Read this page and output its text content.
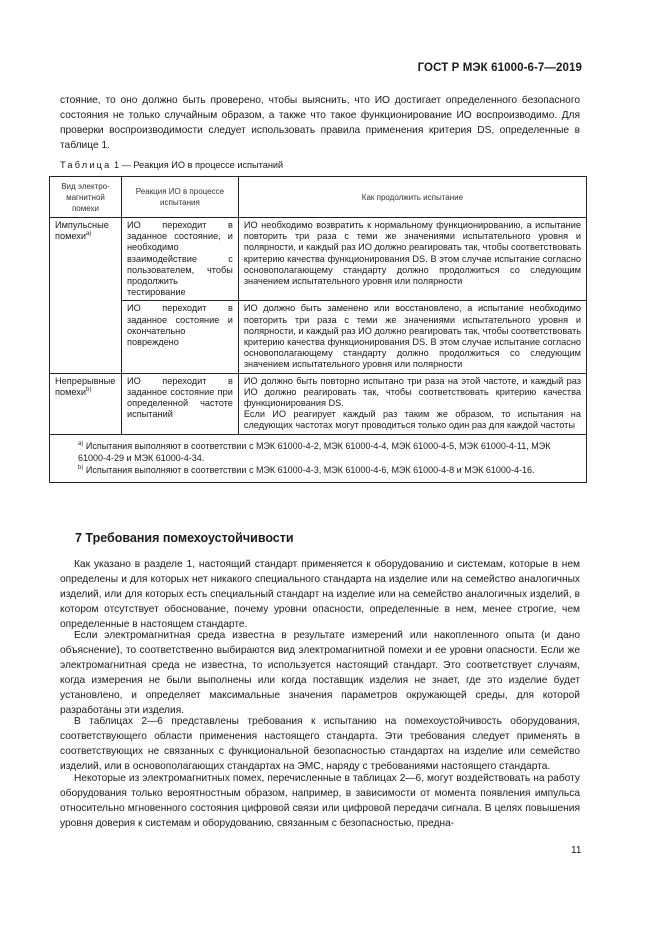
ГОСТ Р МЭК 61000-6-7—2019

стояние, то оно должно быть проверено, чтобы выяснить, что ИО достигает определенного безопасного состояния не только случайным образом, а также что такое функционирование ИО воспроизводимо. Для проверки воспроизводимости следует использовать правила применения критерия DS, определенные в таблице 1.

Таблица 1 — Реакция ИО в процессе испытаний
Вид электро-магнитной помехи	Реакция ИО в процессе испытания	Как продолжить испытание
Импульсные помехи$^{a)}$	ИО переходит в заданное состояние, и необходимо взаимодействие с пользователем, чтобы продолжить тестирование	ИО необходимо возвратить к нормальному функционированию, а испытание повторить три раза с теми же значениями испытательного уровня и полярности, и каждый раз ИО должно реагировать так, чтобы соответствовать критерию качества функционирования DS. В этом случае испытание согласно основополагающему стандарту должно продолжиться со следующим значением испытательного уровня или полярности
	ИО переходит в заданное состояние и окончательно повреждено	ИО должно быть заменено или восстановлено, а испытание необходимо повторить три раза с теми же значениями испытательного уровня и полярности, и каждый раз ИО должно реагировать так, чтобы соответствовать критерию качества функционирования DS. В этом случае испытание согласно основополагающему стандарту должно продолжиться со следующим значением испытательного уровня или полярности
Непрерывные помехи$^{b)}$	ИО переходит в заданное состояние при определенной частоте испытаний	ИО должно быть повторно испытано три раза на этой частоте, и каждый раз ИО должно реагировать так, чтобы соответствовать критерию качества функционирования DS.
Если ИО реагирует каждый раз таким же образом, то испытания на следующих частотах могут проводиться только один раз для каждой частоты

$^{a)}$ Испытания выполняют в соответствии с МЭК 61000-4-2, МЭК 61000-4-4, МЭК 61000-4-5, МЭК 61000-4-11, МЭК 61000-4-29 и МЭК 61000-4-34.
$^{b)}$ Испытания выполняют в соответствии с МЭК 61000-4-3, МЭК 61000-4-6, МЭК 61000-4-8 и МЭК 61000-4-16.		
7 Требования помехоустойчивости

Как указано в разделе 1, настоящий стандарт применяется к оборудованию и системам, которые в нем определены и для которых нет никакого специального стандарта на изделие или на семейство аналогичных изделий, или для которых есть специальный стандарт на изделие или на семейство аналогичных изделий, в котором отсутствует обоснование, почему уровни опасности, определенные в нем, менее строгие, чем определенные в настоящем стандарте.

Если электромагнитная среда известна в результате измерений или накопленного опыта (и дано объяснение), то соответственно выбираются вид электромагнитной помехи и ее уровни опасности. Если же электромагнитная среда не известна, то используется настоящий стандарт. Это соответствует случаям, когда измерения не были выполнены или когда поставщик изделия не знает, где это изделие будет установлено, и определяет максимальные значения параметров окружающей среды, для которой разработаны эти изделия.

В таблицах 2—6 представлены требования к испытанию на помехоустойчивость оборудования, соответствующего области применения настоящего стандарта. Эти требования следует применять в соответствующих не связанных с функциональной безопасностью стандартах на изделие или семейство изделий, или в основополагающих стандартах на ЭМС, наряду с требованиями настоящего стандарта.

Некоторые из электромагнитных помех, перечисленные в таблицах 2—6, могут воздействовать на работу оборудования только вероятностным образом, например, в зависимости от момента появления импульса относительно мгновенного состояния цифровой связи или цифровой передачи сигнала. В целях повышения уровня доверия к системам и оборудованию, связанным с безопасностью, предна-

11
